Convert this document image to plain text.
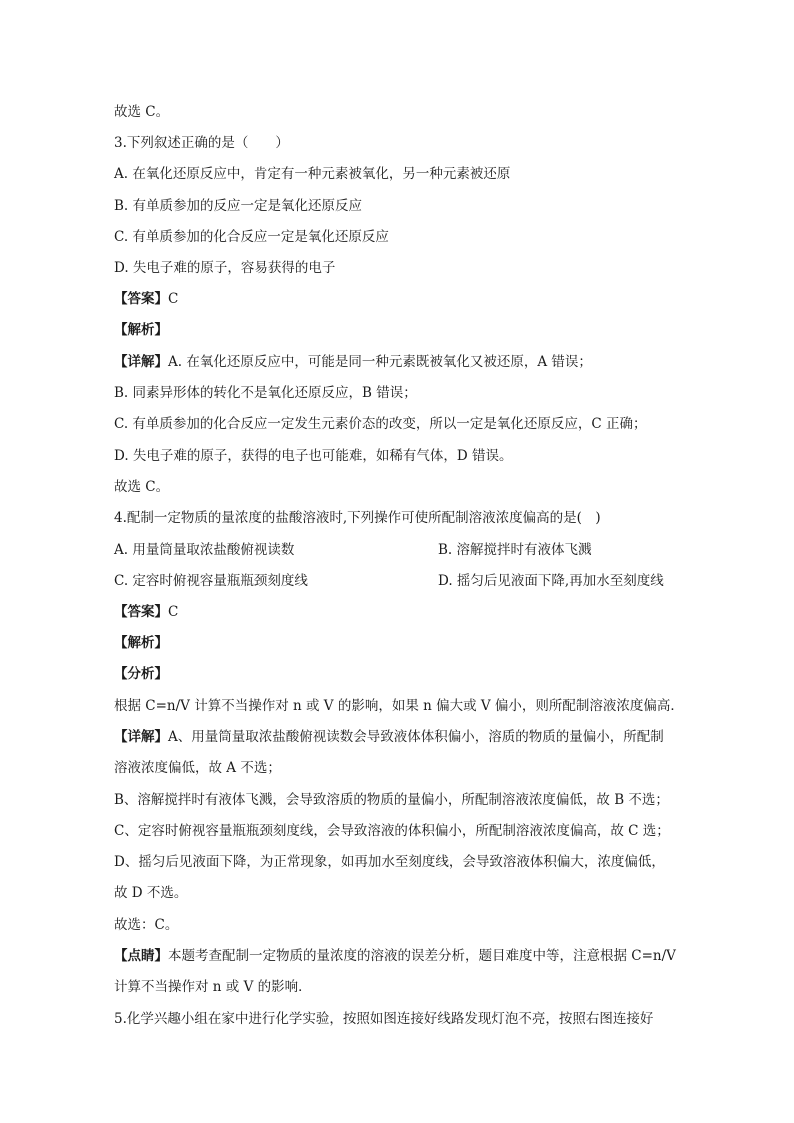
故选 C。
3.下列叙述正确的是（　　）
A. 在氧化还原反应中，肯定有一种元素被氧化，另一种元素被还原
B. 有单质参加的反应一定是氧化还原反应
C. 有单质参加的化合反应一定是氧化还原反应
D. 失电子难的原子，容易获得的电子
【答案】C
【解析】
【详解】A. 在氧化还原反应中，可能是同一种元素既被氧化又被还原，A 错误；
B. 同素异形体的转化不是氧化还原反应，B 错误；
C. 有单质参加的化合反应一定发生元素价态的改变，所以一定是氧化还原反应，C 正确；
D. 失电子难的原子，获得的电子也可能难，如稀有气体，D 错误。
故选 C。
4.配制一定物质的量浓度的盐酸溶液时,下列操作可使所配制溶液浓度偏高的是(　)
A. 用量筒量取浓盐酸俯视读数	B. 溶解搅拌时有液体飞溅
C. 定容时俯视容量瓶瓶颈刻度线	D. 摇匀后见液面下降,再加水至刻度线
【答案】C
【解析】
【分析】
根据 C=n/V 计算不当操作对 n 或 V 的影响，如果 n 偏大或 V 偏小，则所配制溶液浓度偏高．
【详解】A、用量筒量取浓盐酸俯视读数会导致液体体积偏小，溶质的物质的量偏小，所配制
溶液浓度偏低，故 A 不选；
B、溶解搅拌时有液体飞溅，会导致溶质的物质的量偏小，所配制溶液浓度偏低，故 B 不选；
C、定容时俯视容量瓶瓶颈刻度线，会导致溶液的体积偏小，所配制溶液浓度偏高，故 C 选；
D、摇匀后见液面下降，为正常现象，如再加水至刻度线，会导致溶液体积偏大，浓度偏低，
故 D 不选。
故选：C。
【点睛】本题考查配制一定物质的量浓度的溶液的误差分析，题目难度中等，注意根据 C=n/V
计算不当操作对 n 或 V 的影响．
5.化学兴趣小组在家中进行化学实验，按照如图连接好线路发现灯泡不亮，按照右图连接好
